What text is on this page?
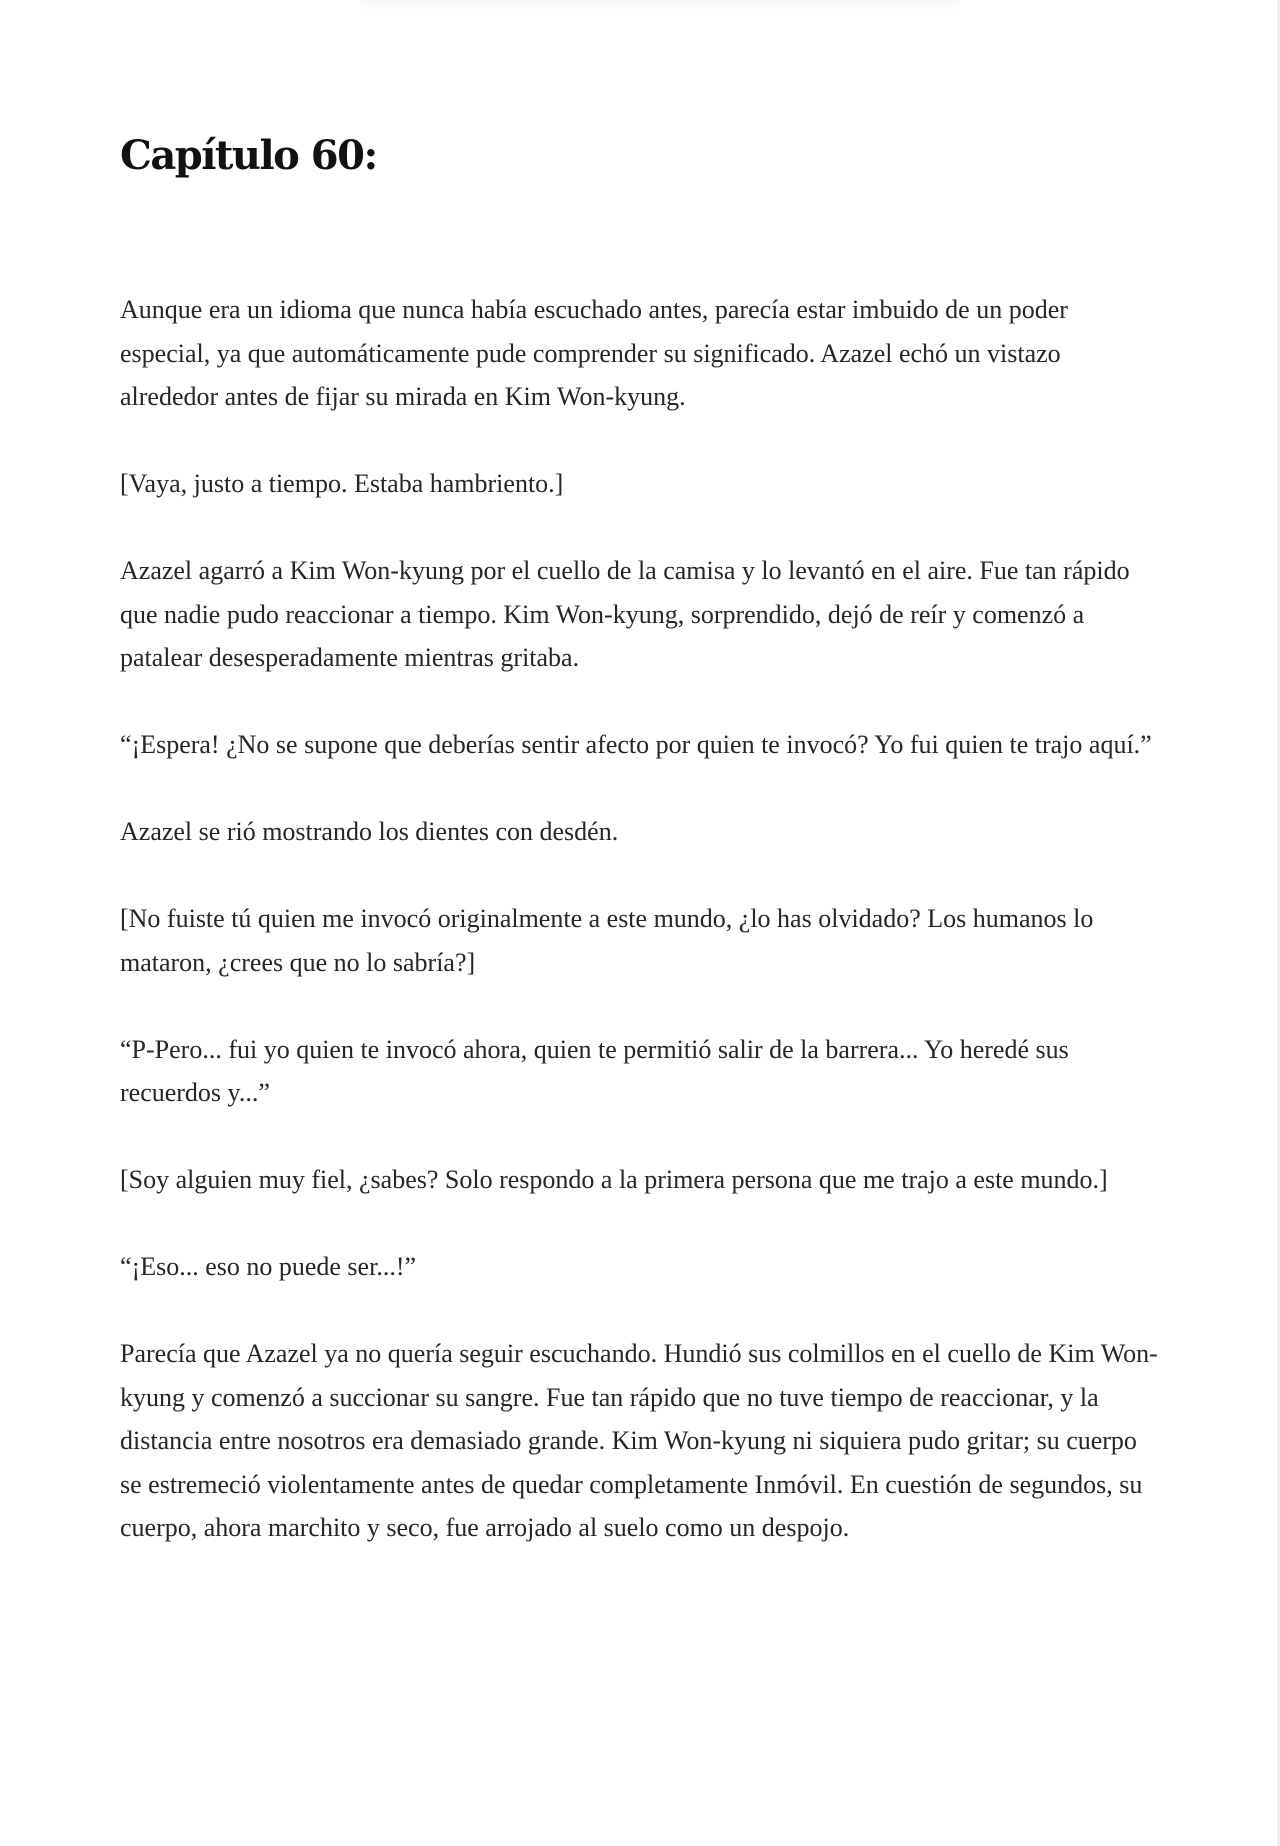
Capítulo 60:

Aunque era un idioma que nunca había escuchado antes, parecía estar imbuido de un poder especial, ya que automáticamente pude comprender su significado. Azazel echó un vistazo alrededor antes de fijar su mirada en Kim Won-kyung.

[Vaya, justo a tiempo. Estaba hambriento.]

Azazel agarró a Kim Won-kyung por el cuello de la camisa y lo levantó en el aire. Fue tan rápido que nadie pudo reaccionar a tiempo. Kim Won-kyung, sorprendido, dejó de reír y comenzó a patalear desesperadamente mientras gritaba.

“¡Espera! ¿No se supone que deberías sentir afecto por quien te invocó? Yo fui quien te trajo aquí.”

Azazel se rió mostrando los dientes con desdén.

[No fuiste tú quien me invocó originalmente a este mundo, ¿lo has olvidado? Los humanos lo mataron, ¿crees que no lo sabría?]

“P-Pero... fui yo quien te invocó ahora, quien te permitió salir de la barrera... Yo heredé sus recuerdos y...”

[Soy alguien muy fiel, ¿sabes? Solo respondo a la primera persona que me trajo a este mundo.]

“¡Eso... eso no puede ser...!”

Parecía que Azazel ya no quería seguir escuchando. Hundió sus colmillos en el cuello de Kim Won-kyung y comenzó a succionar su sangre. Fue tan rápido que no tuve tiempo de reaccionar, y la distancia entre nosotros era demasiado grande. Kim Won-kyung ni siquiera pudo gritar; su cuerpo se estremeció violentamente antes de quedar completamente Inmóvil. En cuestión de segundos, su cuerpo, ahora marchito y seco, fue arrojado al suelo como un despojo.
